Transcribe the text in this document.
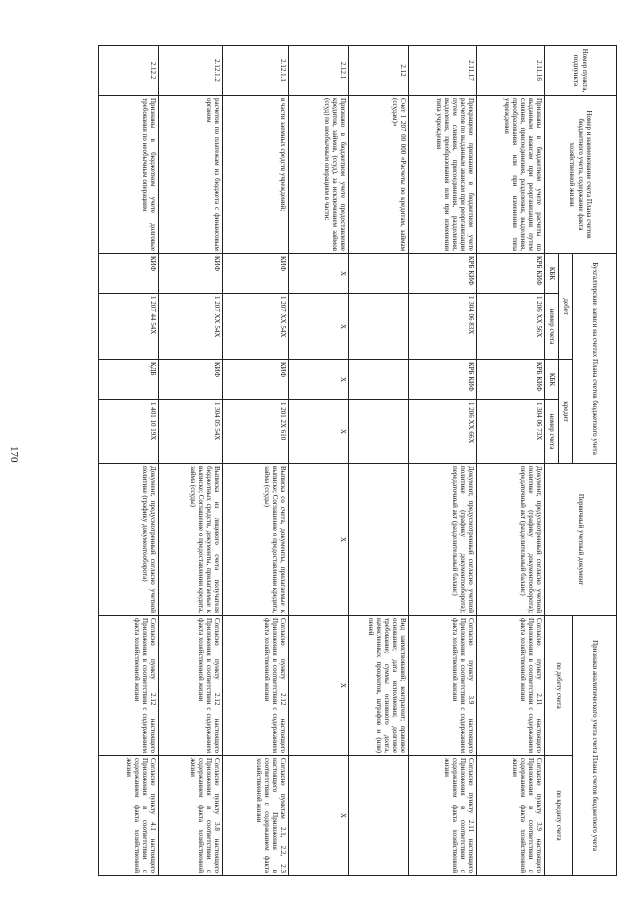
170
Номер пункта, подпункта	Номер и наименование счета Плана счетов бюджетного учета, содержание факта хозяйственной жизни	Бухгалтерские записи на счетах Плана счетов бюджетного учета				Первичный учетный документ	Признаки аналитического учета счета Плана счетов бюджетного учета	
		дебет		кредит			по дебету счета	по кредиту счета
		КБК	номер счета	КБК	номер счета			
2.11.16	Признаны в бюджетном учете расчеты по выданным авансам при реорганизации путем слияния, присоединения, разделения, выделения, преобразования или при изменении типа учреждения	КРБ КИФ	1 206 XX 56X	КРБ КИФ	1 304 06 73X	Документ, предусмотренный согласно учетной политике (графику документооборота); передаточный акт (разделительный баланс)	Согласно пункту 2.11 настоящего Приложения в соответствии с содержанием факта хозяйственной жизни	Согласно пункту 3.9 настоящего Приложения в соответствии с содержанием факта хозяйственной жизни
2.11.17	Прекращено признание в бюджетном учете расчетов по выданным авансам при реорганизации путем слияния, присоединения, разделения, выделения, преобразования или при изменении типа учреждения	КРБ КИФ	1 304 06 83X	КРБ КИФ	1 206 XX 66X	Документ, предусмотренный согласно учетной политике (графику документооборота); передаточный акт (разделительный баланс)	Согласно пункту 3.9 настоящего Приложения в соответствии с содержанием факта хозяйственной жизни	Согласно пункту 2.11 настоящего Приложения в соответствии с содержанием факта хозяйственной жизни
2.12	Счет 1 207 00 000 «Расчеты по кредитам, займам (ссудам)»						Вид заимствований; контрагент; правовое основание; дата исполнения; долговое требование; суммы основного долга, начисленных процентов, штрафов и (или) пеней	
2.12.1	Признано в бюджетном учете предоставление кредитов, займов, (ссуд), за исключением займов (ссуд) по необычным операциям в части:	X	X	X	X	X	X	X
2.12.1.1	в части заемных средств учреждений;	КИФ	1 207 XX 54X	КИФ	1 201 2X 610	Выписка со счета, документы, прилагаемые к выписке; Соглашение о предоставлении кредита, займа (ссуды)	Согласно пункту 2.12 настоящего Приложения в соответствии с содержанием факта хозяйственной жизни	Согласно пунктам 2.1, 2.2, 2.3 настоящего Приложения в соответствии с содержанием факта хозяйственной жизни
2.12.1.2	расчетов по платежам из бюджета с финансовым органом	КИФ	1 207 XX 54X	КИФ	1 304 05 54X	Выписка из лицевого счета получателя бюджетных средств, документы, прилагаемые к выписке; Соглашение о предоставлении кредита, займа (ссуды)	Согласно пункту 2.12 настоящего Приложения в соответствии с содержанием факта хозяйственной жизни	Согласно пункту 3.8 настоящего Приложения в соответствии с содержанием факта хозяйственной жизни
2.12.2	Признаны в бюджетном учете долговые требования по необычным операциям	КИФ	1 207 44 54X	КДБ	1 401 10 19X	Документ, предусмотренный согласно учетной политике (графику документооборота)	Согласно пункту 2.12 настоящего Приложения в соответствии с содержанием факта хозяйственной жизни	Согласно пункту 4.1 настоящего Приложения в соответствии с содержанием факта хозяйственной жизни
